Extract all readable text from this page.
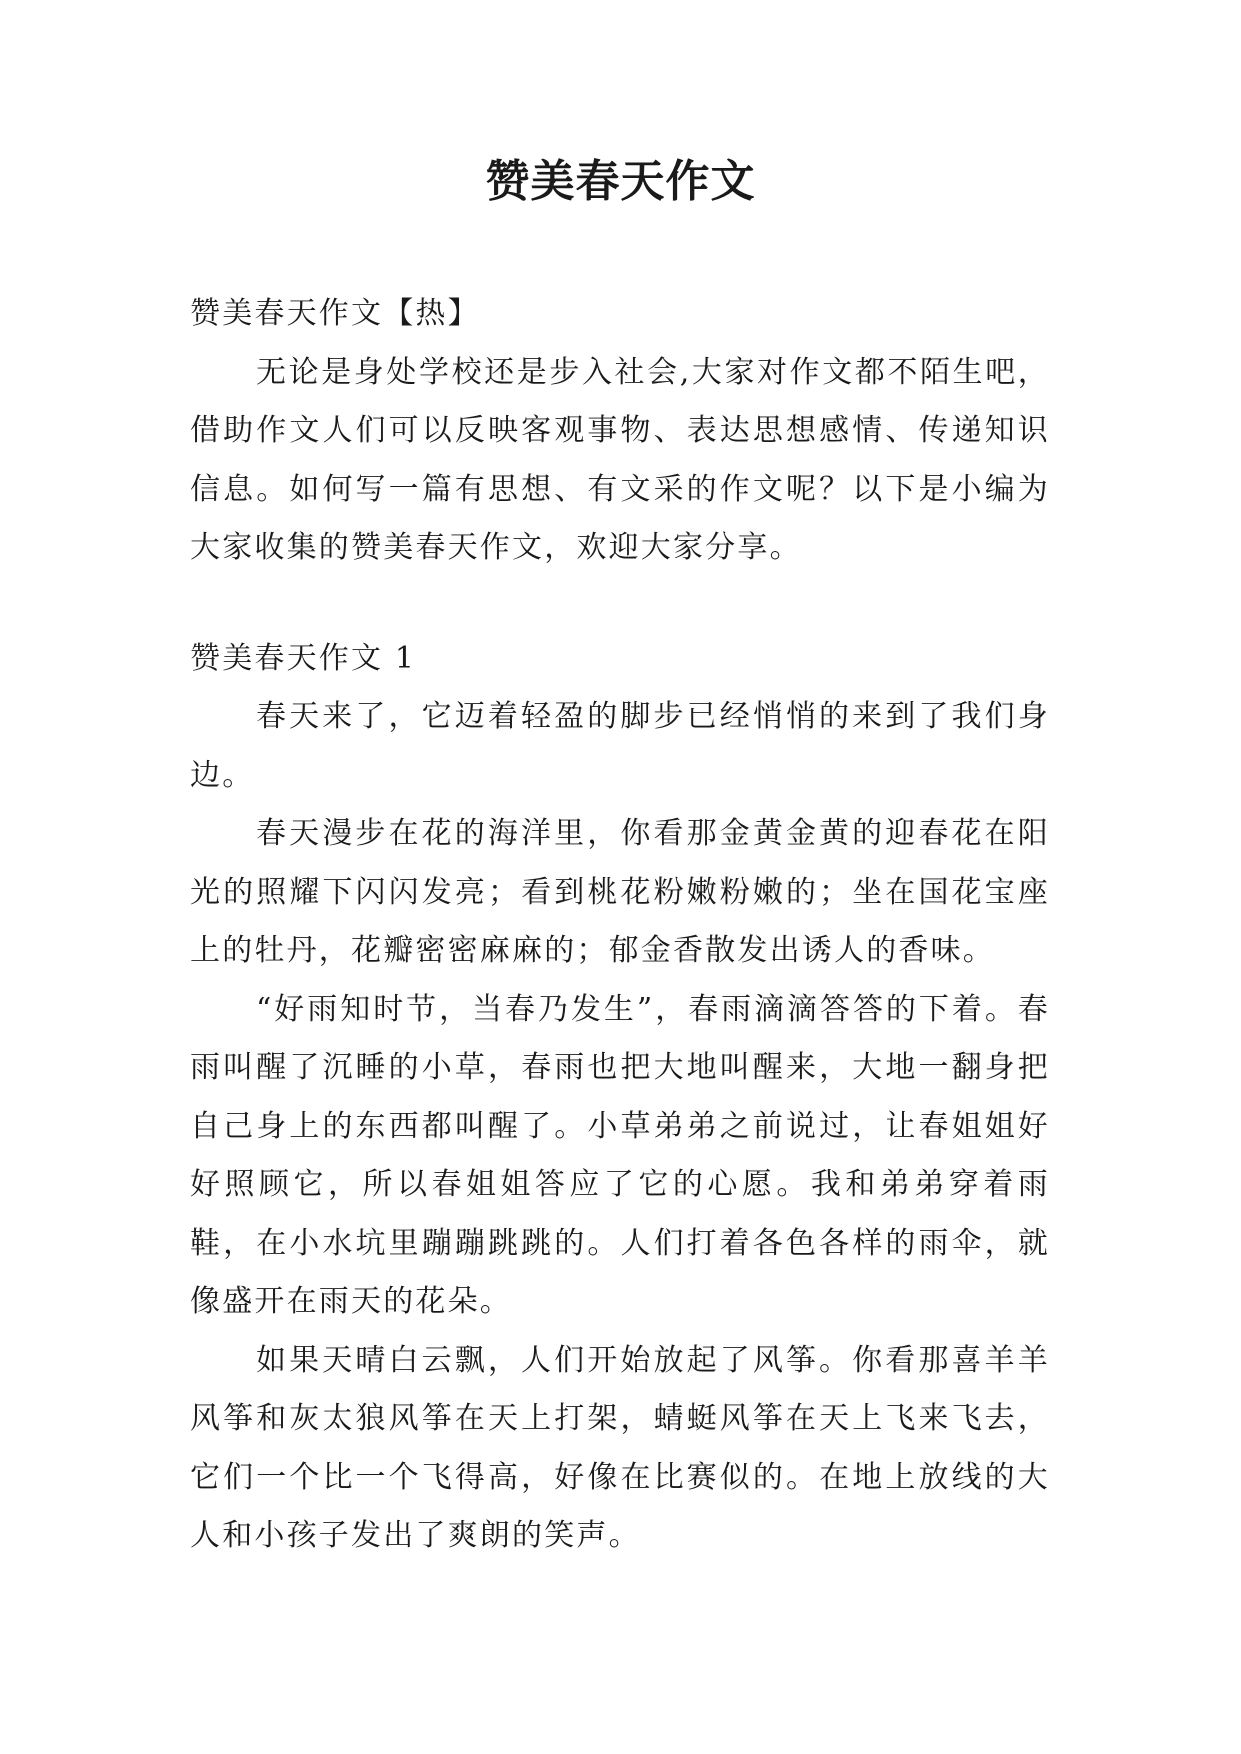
赞美春天作文

赞美春天作文【热】

无论是身处学校还是步入社会,大家对作文都不陌生吧，借助作文人们可以反映客观事物、表达思想感情、传递知识信息。如何写一篇有思想、有文采的作文呢？以下是小编为大家收集的赞美春天作文，欢迎大家分享。

赞美春天作文 1

春天来了，它迈着轻盈的脚步已经悄悄的来到了我们身边。

春天漫步在花的海洋里，你看那金黄金黄的迎春花在阳光的照耀下闪闪发亮；看到桃花粉嫩粉嫩的；坐在国花宝座上的牡丹，花瓣密密麻麻的；郁金香散发出诱人的香味。

“好雨知时节，当春乃发生”，春雨滴滴答答的下着。春雨叫醒了沉睡的小草，春雨也把大地叫醒来，大地一翻身把自己身上的东西都叫醒了。小草弟弟之前说过，让春姐姐好好照顾它，所以春姐姐答应了它的心愿。我和弟弟穿着雨鞋，在小水坑里蹦蹦跳跳的。人们打着各色各样的雨伞，就像盛开在雨天的花朵。

如果天晴白云飘，人们开始放起了风筝。你看那喜羊羊风筝和灰太狼风筝在天上打架，蜻蜓风筝在天上飞来飞去，它们一个比一个飞得高，好像在比赛似的。在地上放线的大人和小孩子发出了爽朗的笑声。
